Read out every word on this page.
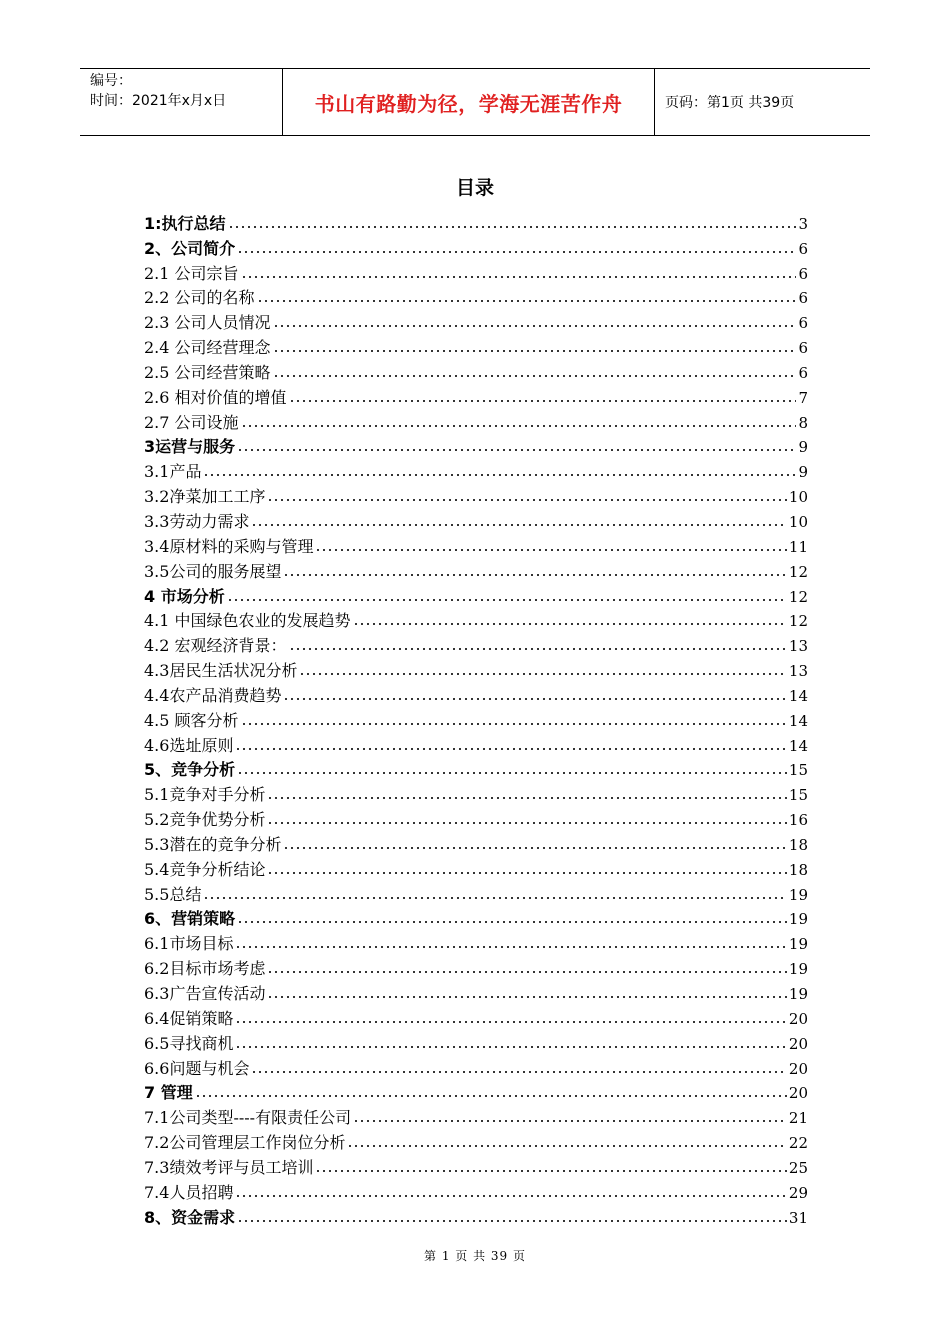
编号：
时间：2021年x月x日	书山有路勤为径，学海无涯苦作舟	页码：第1页 共39页
目录
1:执行总结	3
2、公司简介	6
2.1 公司宗旨	6
2.2 公司的名称	6
2.3 公司人员情况	6
2.4 公司经营理念	6
2.5 公司经营策略	6
2.6 相对价值的增值	7
2.7 公司设施	8
3运营与服务	9
3.1产品	9
3.2净菜加工工序	10
3.3劳动力需求	10
3.4原材料的采购与管理	11
3.5公司的服务展望	12
4 市场分析	12
4.1 中国绿色农业的发展趋势	12
4.2 宏观经济背景：	13
4.3居民生活状况分析	13
4.4农产品消费趋势	14
4.5 顾客分析	14
4.6选址原则	14
5、竞争分析	15
5.1竞争对手分析	15
5.2竞争优势分析	16
5.3潜在的竞争分析	18
5.4竞争分析结论	18
5.5总结	19
6、营销策略	19
6.1市场目标	19
6.2目标市场考虑	19
6.3广告宣传活动	19
6.4促销策略	20
6.5寻找商机	20
6.6问题与机会	20
7 管理	20
7.1公司类型----有限责任公司	21
7.2公司管理层工作岗位分析	22
7.3绩效考评与员工培训	25
7.4人员招聘	29
8、资金需求	31
第 1 页 共 39 页
